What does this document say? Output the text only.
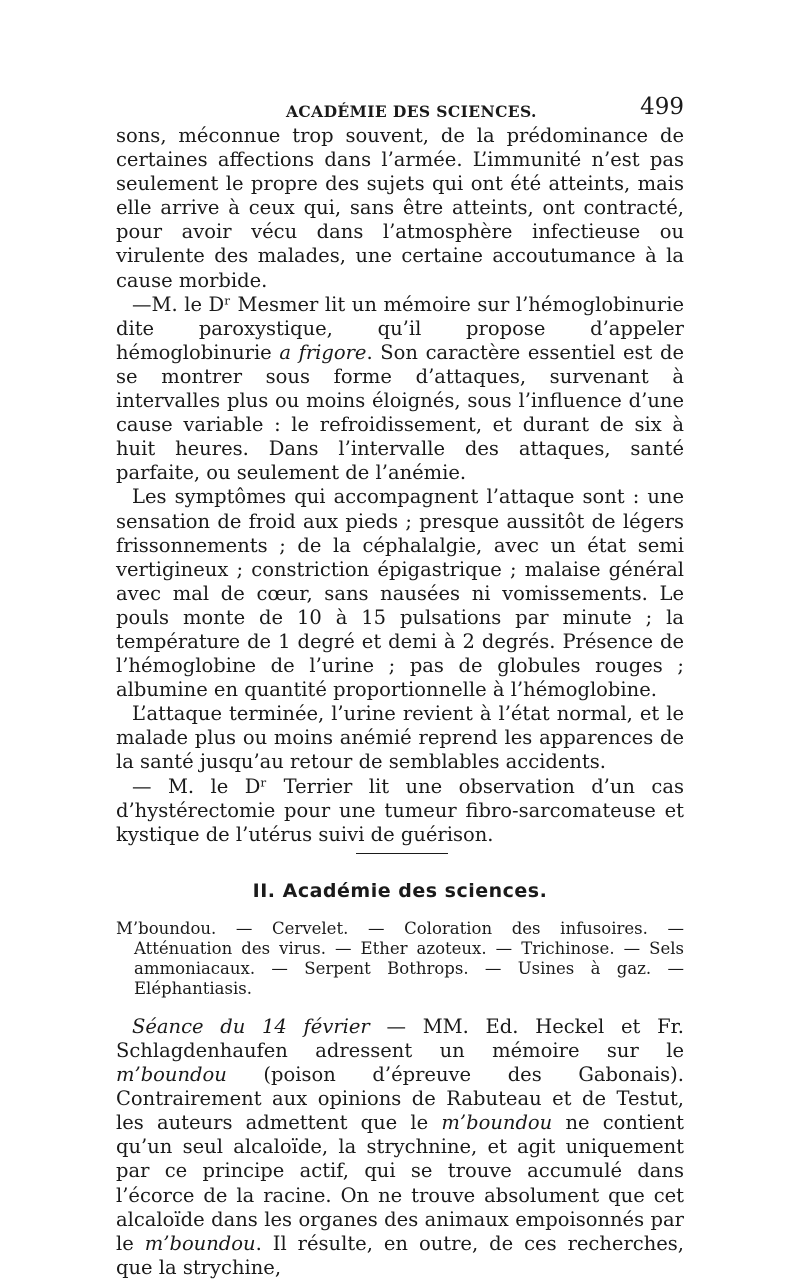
ACADÉMIE DES SCIENCES.	499

sons, méconnue trop souvent, de la prédominance de certaines affections dans l’armée. L’immunité n’est pas seulement le propre des sujets qui ont été atteints, mais elle arrive à ceux qui, sans être atteints, ont contracté, pour avoir vécu dans l’atmosphère infectieuse ou virulente des malades, une certaine accoutumance à la cause morbide.

—M. le Dʳ Mesmer lit un mémoire sur l’hémoglobinurie dite paroxystique, qu’il propose d’appeler hémoglobinurie a frigore. Son caractère essentiel est de se montrer sous forme d’attaques, survenant à intervalles plus ou moins éloignés, sous l’influence d’une cause variable : le refroidissement, et durant de six à huit heures. Dans l’intervalle des attaques, santé parfaite, ou seulement de l’anémie.

Les symptômes qui accompagnent l’attaque sont : une sensation de froid aux pieds ; presque aussitôt de légers frissonnements ; de la céphalalgie, avec un état semi vertigineux ; constriction épigastrique ; malaise général avec mal de cœur, sans nausées ni vomissements. Le pouls monte de 10 à 15 pulsations par minute ; la température de 1 degré et demi à 2 degrés. Présence de l’hémoglobine de l’urine ; pas de globules rouges ; albumine en quantité proportionnelle à l’hémoglobine.

L’attaque terminée, l’urine revient à l’état normal, et le malade plus ou moins anémié reprend les apparences de la santé jusqu’au retour de semblables accidents.

— M. le Dʳ Terrier lit une observation d’un cas d’hystérectomie pour une tumeur fibro-sarcomateuse et kystique de l’utérus suivi de guérison.

II. Académie des sciences.

M’boundou. — Cervelet. — Coloration des infusoires. — Atténuation des virus. — Ether azoteux. — Trichinose. — Sels ammoniacaux. — Serpent Bothrops. — Usines à gaz. — Eléphantiasis.

Séance du 14 février — MM. Ed. Heckel et Fr. Schlagdenhaufen adressent un mémoire sur le m’boundou (poison d’épreuve des Gabonais). Contrairement aux opinions de Rabuteau et de Testut, les auteurs admettent que le m’boundou ne contient qu’un seul alcaloïde, la strychnine, et agit uniquement par ce principe actif, qui se trouve accumulé dans l’écorce de la racine. On ne trouve absolument que cet alcaloïde dans les organes des animaux empoisonnés par le m’boundou. Il résulte, en outre, de ces recherches, que la strychine,
